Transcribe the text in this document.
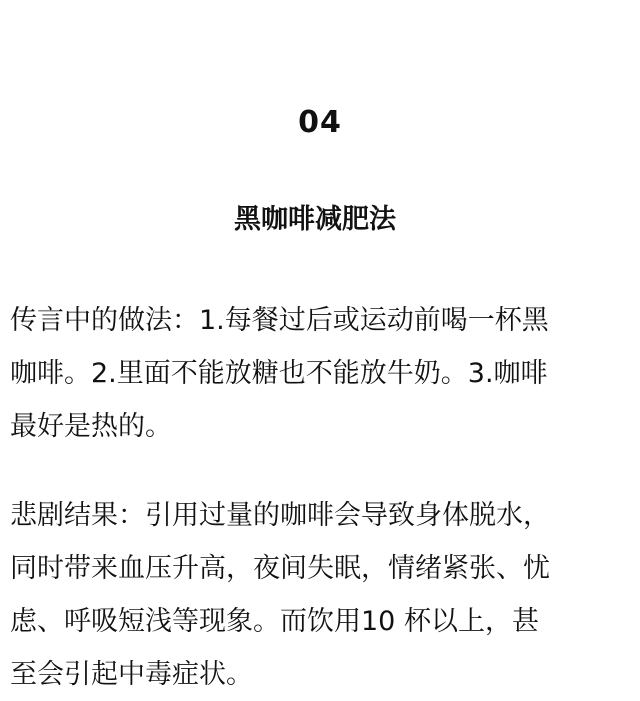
04
黑咖啡减肥法
传言中的做法：1.每餐过后或运动前喝一杯黑
咖啡。2.里面不能放糖也不能放牛奶。3.咖啡
最好是热的。
悲剧结果：引用过量的咖啡会导致身体脱水，
同时带来血压升高，夜间失眠，情绪紧张、忧
虑、呼吸短浅等现象。而饮用10 杯以上，甚
至会引起中毒症状。
